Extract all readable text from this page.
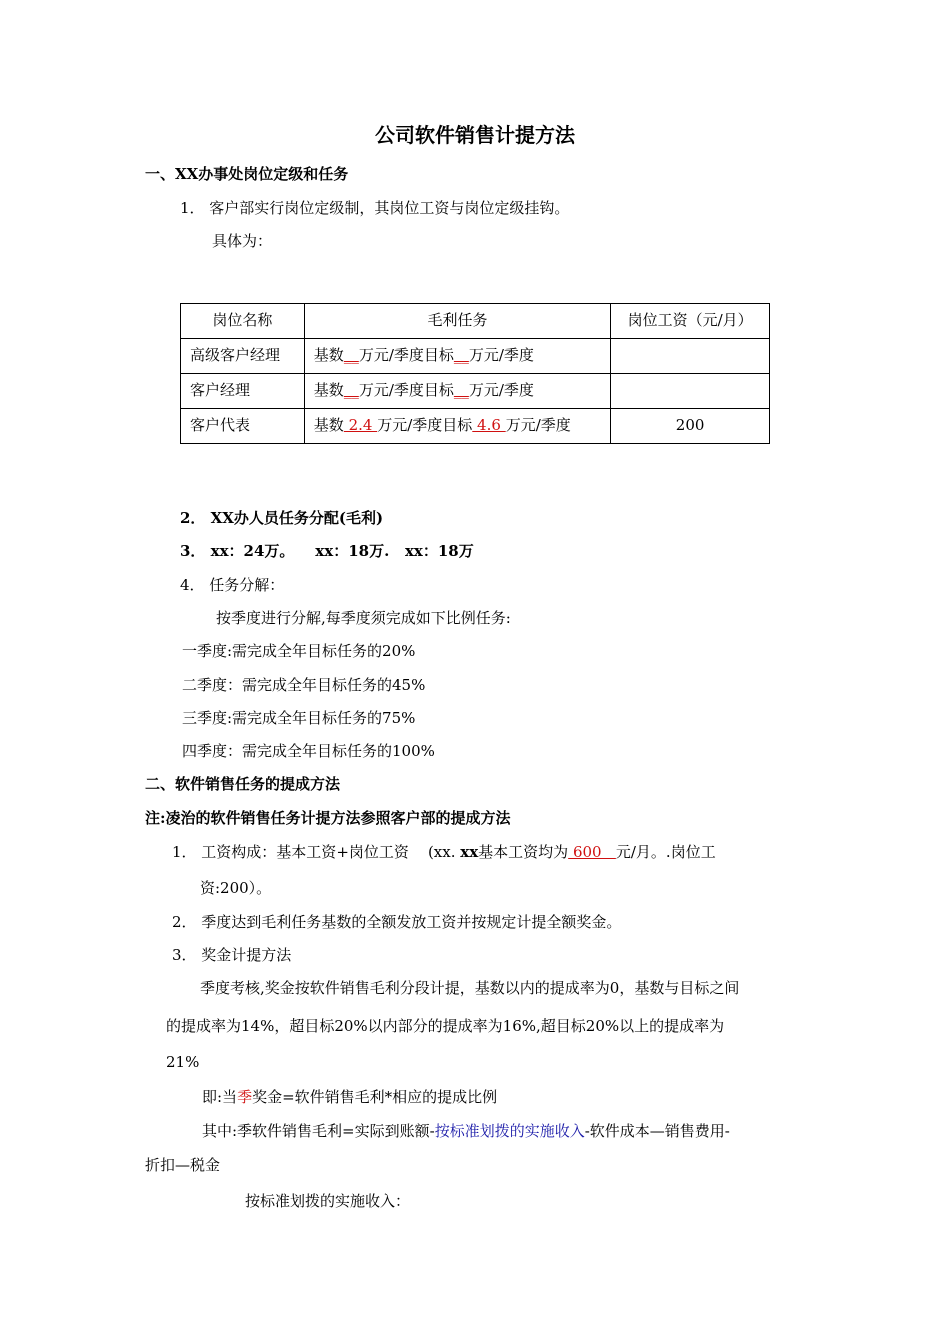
公司软件销售计提方法
一、XX办事处岗位定级和任务
1． 客户部实行岗位定级制，其岗位工资与岗位定级挂钩。
具体为：
岗位名称	毛利任务	岗位工资（元/月）
高级客户经理	基数__万元/季度目标__万元/季度	
客户经理	基数__万元/季度目标__万元/季度	
客户代表	基数 2.4 万元/季度目标 4.6 万元/季度	200
2． XX办人员任务分配(毛利)
3． xx：24万。    xx：18万.   xx：18万
4． 任务分解：
按季度进行分解,每季度须完成如下比例任务:
一季度:需完成全年目标任务的20%
二季度：需完成全年目标任务的45%
三季度:需完成全年目标任务的75%
四季度：需完成全年目标任务的100%
二、软件销售任务的提成方法
注:凌治的软件销售任务计提方法参照客户部的提成方法
1． 工资构成：基本工资+岗位工资    (xx. xx基本工资均为 600   元/月。.岗位工
资:200）。
2． 季度达到毛利任务基数的全额发放工资并按规定计提全额奖金。
3． 奖金计提方法
季度考核,奖金按软件销售毛利分段计提，基数以内的提成率为0，基数与目标之间
的提成率为14%，超目标20%以内部分的提成率为16%,超目标20%以上的提成率为
21%
即:当季奖金=软件销售毛利*相应的提成比例
其中:季软件销售毛利=实际到账额-按标准划拨的实施收入-软件成本—销售费用-
折扣—税金
按标准划拨的实施收入：
